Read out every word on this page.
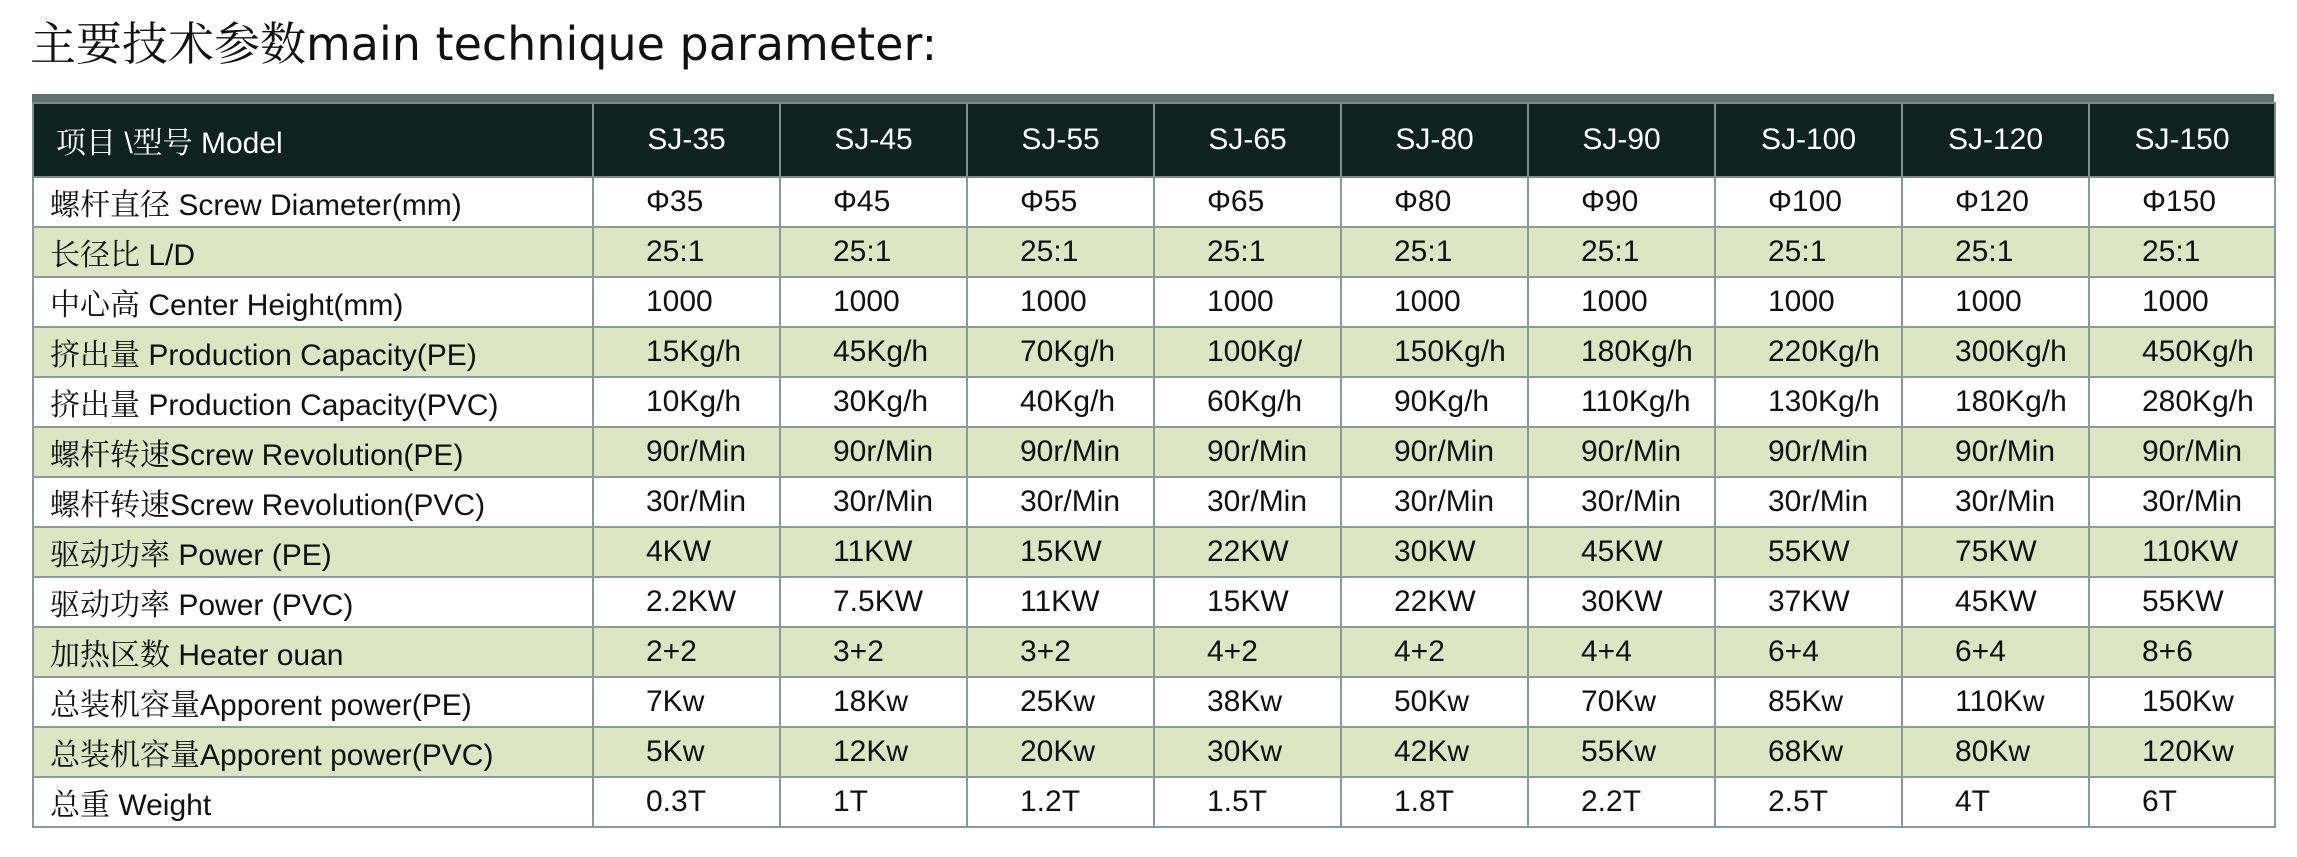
主要技术参数main technique parameter:
项目 \型号 Model	SJ-35	SJ-45	SJ-55	SJ-65	SJ-80	SJ-90	SJ-100	SJ-120	SJ-150
螺杆直径 Screw Diameter(mm)	Φ35	Φ45	Φ55	Φ65	Φ80	Φ90	Φ100	Φ120	Φ150
长径比 L/D	25:1	25:1	25:1	25:1	25:1	25:1	25:1	25:1	25:1
中心高 Center Height(mm)	1000	1000	1000	1000	1000	1000	1000	1000	1000
挤出量 Production Capacity(PE)	15Kg/h	45Kg/h	70Kg/h	100Kg/	150Kg/h	180Kg/h	220Kg/h	300Kg/h	450Kg/h
挤出量 Production Capacity(PVC)	10Kg/h	30Kg/h	40Kg/h	60Kg/h	90Kg/h	110Kg/h	130Kg/h	180Kg/h	280Kg/h
螺杆转速Screw Revolution(PE)	90r/Min	90r/Min	90r/Min	90r/Min	90r/Min	90r/Min	90r/Min	90r/Min	90r/Min
螺杆转速Screw Revolution(PVC)	30r/Min	30r/Min	30r/Min	30r/Min	30r/Min	30r/Min	30r/Min	30r/Min	30r/Min
驱动功率 Power (PE)	4KW	11KW	15KW	22KW	30KW	45KW	55KW	75KW	110KW
驱动功率 Power (PVC)	2.2KW	7.5KW	11KW	15KW	22KW	30KW	37KW	45KW	55KW
加热区数 Heater ouan	2+2	3+2	3+2	4+2	4+2	4+4	6+4	6+4	8+6
总装机容量Apporent power(PE)	7Kw	18Kw	25Kw	38Kw	50Kw	70Kw	85Kw	110Kw	150Kw
总装机容量Apporent power(PVC)	5Kw	12Kw	20Kw	30Kw	42Kw	55Kw	68Kw	80Kw	120Kw
总重 Weight	0.3T	1T	1.2T	1.5T	1.8T	2.2T	2.5T	4T	6T
